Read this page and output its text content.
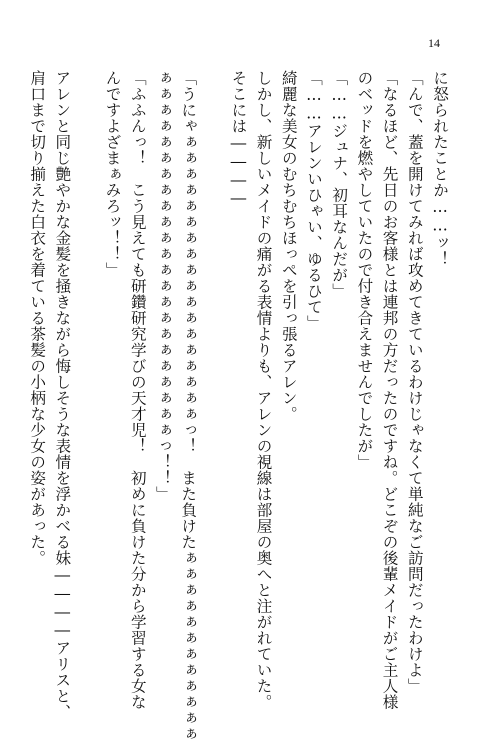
14
に怒られたことか……ッ！
「んで、蓋を開けてみれば攻めてきているわけじゃなくて単純なご訪問だったわけよ」
「なるほど、先日のお客様とは連邦の方だったのですね。どこぞの後輩メイドがご主人様
のベッドを燃やしていたので付き合えませんでしたが」
「……ジュナ、初耳なんだが」
「……アレンいひゃい、ゆるひて」
綺麗な美女のむちむちほっぺを引っ張るアレン。
しかし、新しいメイドの痛がる表情よりも、アレンの視線は部屋の奥へと注がれていた。
そこには――――
「うにゃぁぁぁぁぁぁぁぁぁぁぁぁぁぁぁぁぁぁっ！　また負けたぁぁぁぁぁぁぁぁぁぁぁぁ
ぁぁぁぁぁぁぁぁぁぁぁぁぁぁぁぁぁぁぁぁぁぁぁっ！！」
「ふふんっ！　こう見えても研鑽研究学びの天才児！　初めに負けた分から学習する女な
んですよざまぁみろッ！！」
アレンと同じ艶やかな金髪を掻きながら悔しそうな表情を浮かべる妹――――アリスと、
肩口まで切り揃えた白衣を着ている茶髪の小柄な少女の姿があった。
